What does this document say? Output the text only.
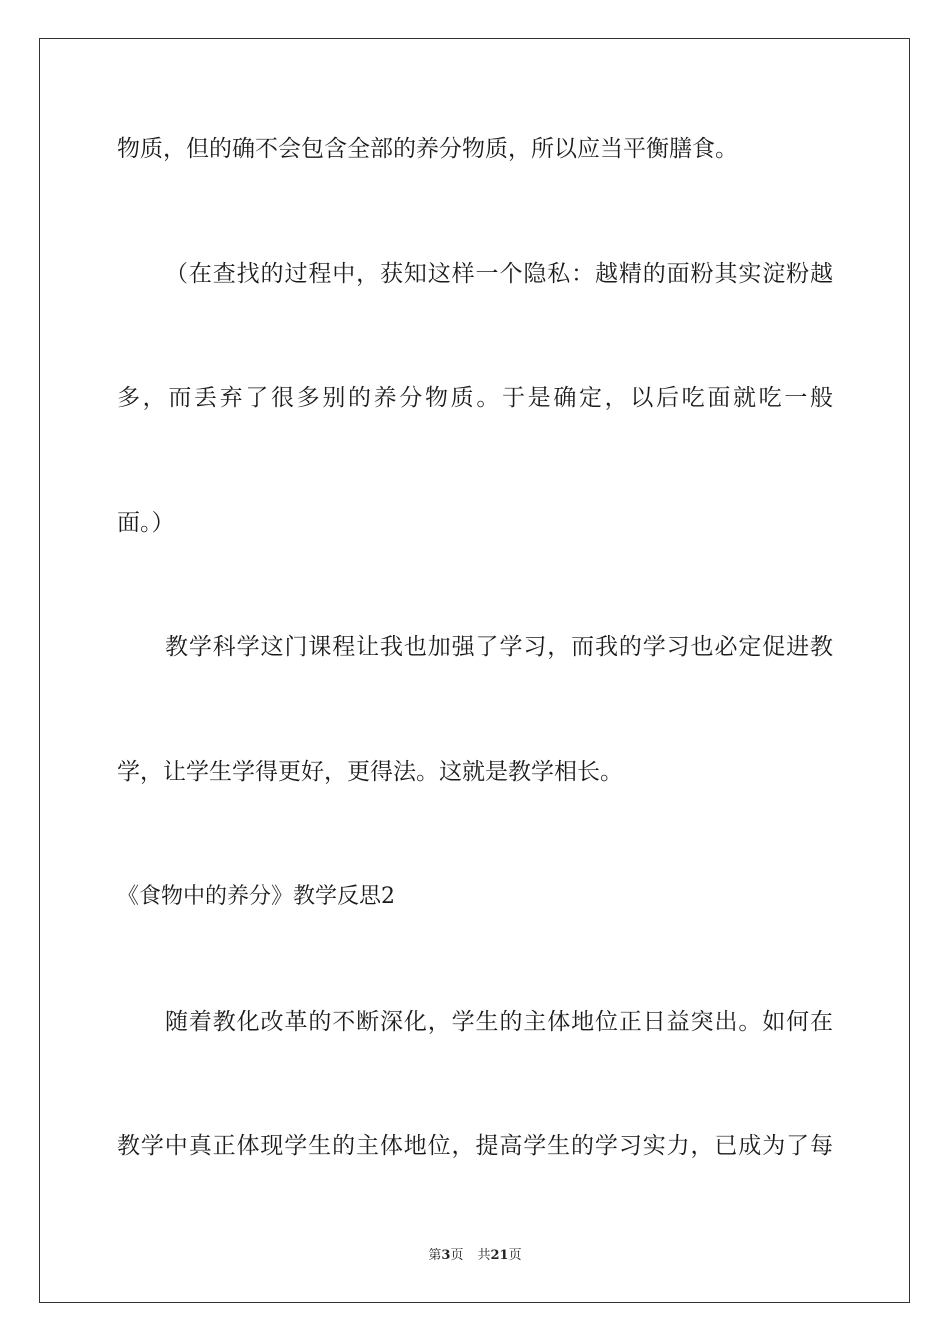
物质，但的确不会包含全部的养分物质，所以应当平衡膳食。
（在查找的过程中，获知这样一个隐私：越精的面粉其实淀粉越
多，而丢弃了很多别的养分物质。于是确定，以后吃面就吃一般
面。）
教学科学这门课程让我也加强了学习，而我的学习也必定促进教
学，让学生学得更好，更得法。这就是教学相长。
《食物中的养分》教学反思2
随着教化改革的不断深化，学生的主体地位正日益突出。如何在
教学中真正体现学生的主体地位，提高学生的学习实力，已成为了每
第3页 共21页
